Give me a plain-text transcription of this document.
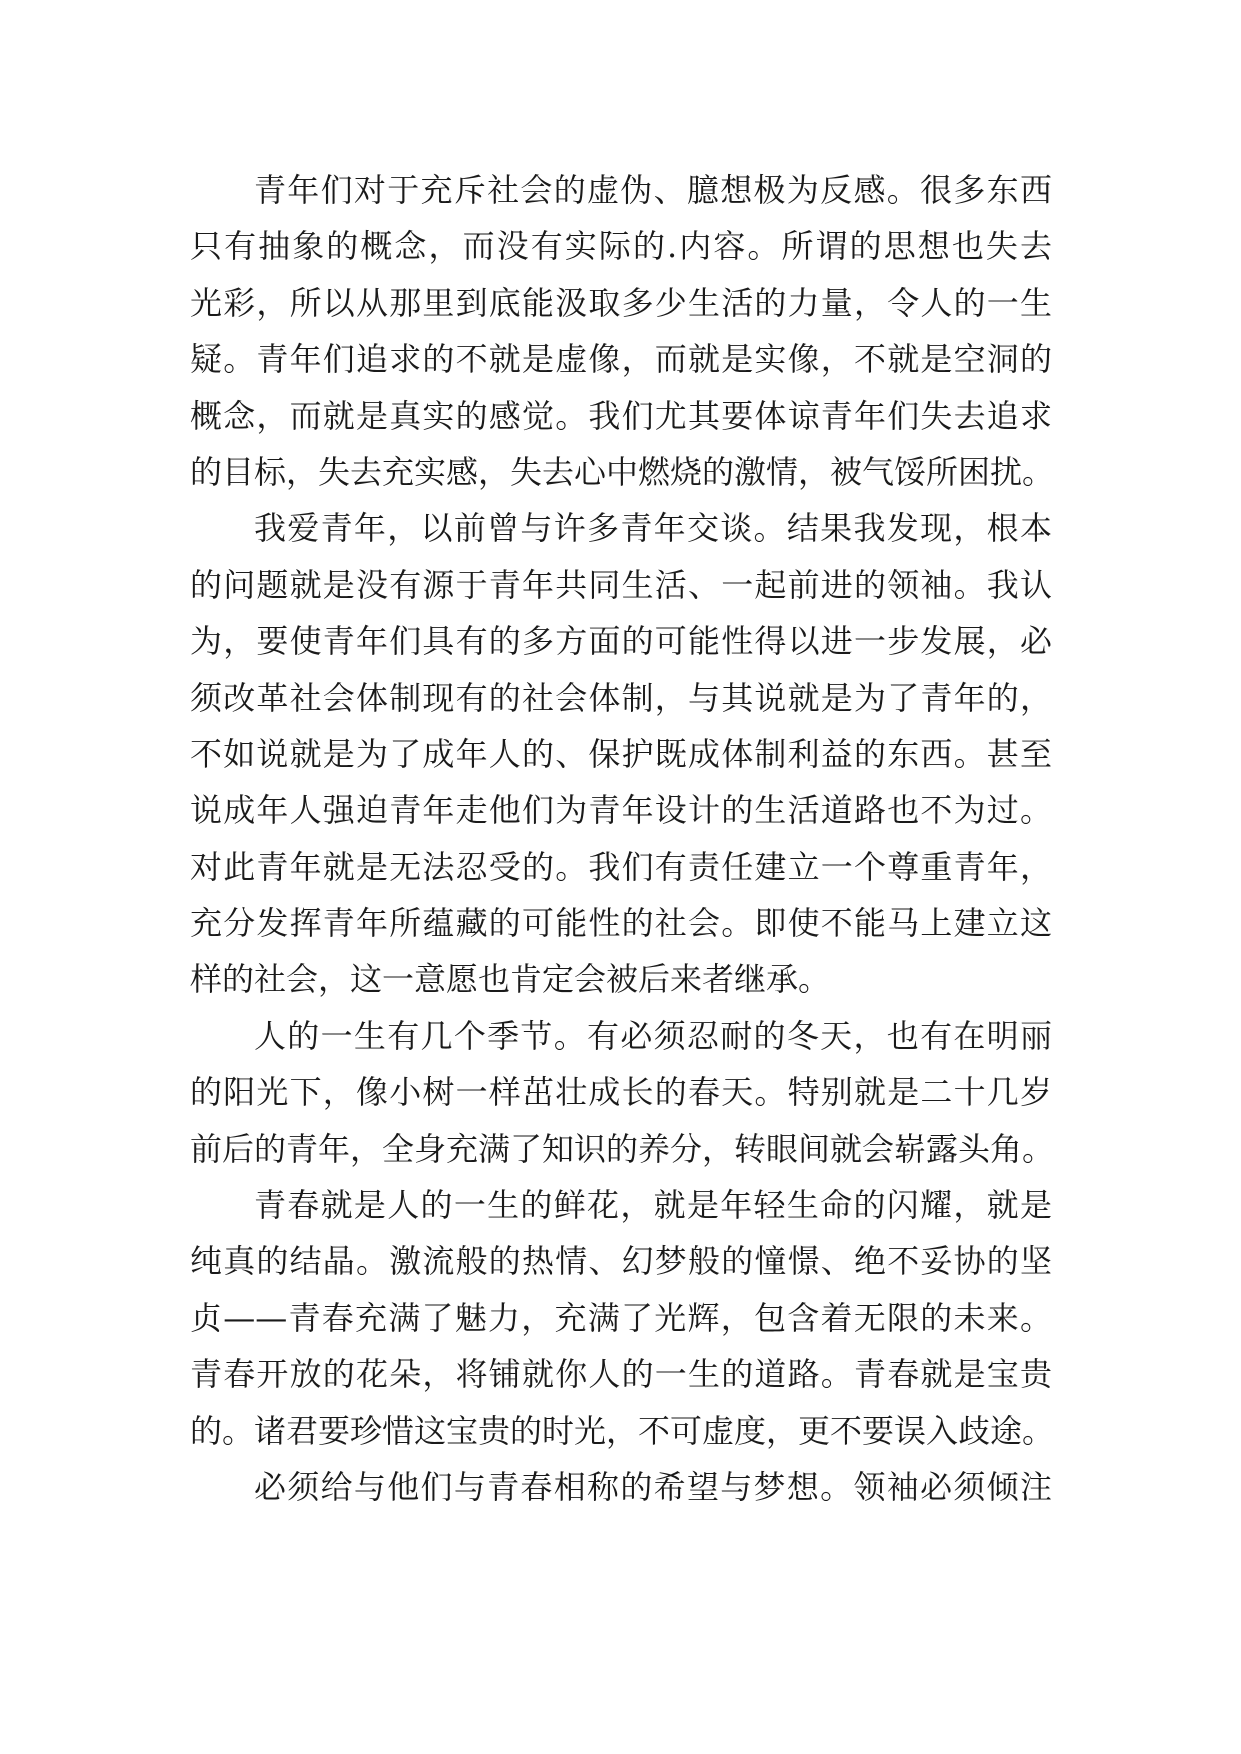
青年们对于充斥社会的虚伪、臆想极为反感。很多东西
只有抽象的概念，而没有实际的.内容。所谓的思想也失去
光彩，所以从那里到底能汲取多少生活的力量，令人的一生
疑。青年们追求的不就是虚像，而就是实像，不就是空洞的
概念，而就是真实的感觉。我们尤其要体谅青年们失去追求
的目标，失去充实感，失去心中燃烧的激情，被气馁所困扰。
我爱青年，以前曾与许多青年交谈。结果我发现，根本
的问题就是没有源于青年共同生活、一起前进的领袖。我认
为，要使青年们具有的多方面的可能性得以进一步发展，必
须改革社会体制现有的社会体制，与其说就是为了青年的，
不如说就是为了成年人的、保护既成体制利益的东西。甚至
说成年人强迫青年走他们为青年设计的生活道路也不为过。
对此青年就是无法忍受的。我们有责任建立一个尊重青年，
充分发挥青年所蕴藏的可能性的社会。即使不能马上建立这
样的社会，这一意愿也肯定会被后来者继承。
人的一生有几个季节。有必须忍耐的冬天，也有在明丽
的阳光下，像小树一样茁壮成长的春天。特别就是二十几岁
前后的青年，全身充满了知识的养分，转眼间就会崭露头角。
青春就是人的一生的鲜花，就是年轻生命的闪耀，就是
纯真的结晶。激流般的热情、幻梦般的憧憬、绝不妥协的坚
贞——青春充满了魅力，充满了光辉，包含着无限的未来。
青春开放的花朵，将铺就你人的一生的道路。青春就是宝贵
的。诸君要珍惜这宝贵的时光，不可虚度，更不要误入歧途。
必须给与他们与青春相称的希望与梦想。领袖必须倾注
